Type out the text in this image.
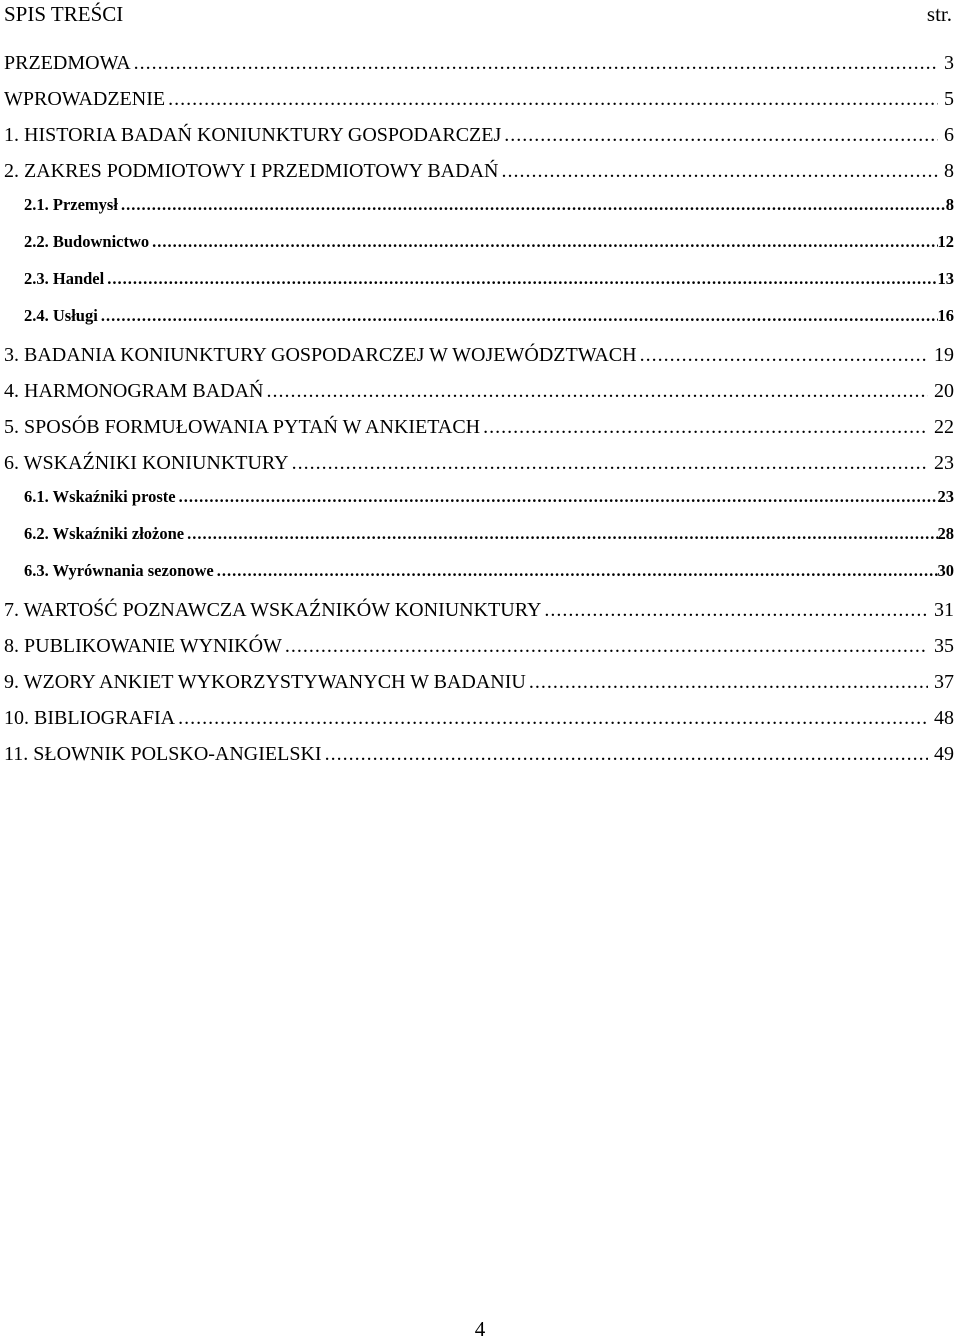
SPIS TREŚCI	str.
PRZEDMOWA .....	3
WPROWADZENIE .....	5
1. HISTORIA BADAŃ KONIUNKTURY GOSPODARCZEJ .....	6
2. ZAKRES PODMIOTOWY I PRZEDMIOTOWY BADAŃ .....	8
2.1. Przemysł .....	8
2.2. Budownictwo .....	12
2.3. Handel .....	13
2.4. Usługi .....	16
3. BADANIA KONIUNKTURY GOSPODARCZEJ W WOJEWÓDZTWACH .....	19
4. HARMONOGRAM BADAŃ .....	20
5. SPOSÓB FORMUŁOWANIA PYTAŃ W ANKIETACH .....	22
6. WSKAŹNIKI KONIUNKTURY .....	23
6.1. Wskaźniki proste .....	23
6.2. Wskaźniki złożone .....	28
6.3. Wyrównania sezonowe .....	30
7. WARTOŚĆ POZNAWCZA WSKAŹNIKÓW KONIUNKTURY .....	31
8. PUBLIKOWANIE WYNIKÓW .....	35
9. WZORY ANKIET WYKORZYSTYWANYCH W BADANIU .....	37
10. BIBLIOGRAFIA .....	48
11. SŁOWNIK POLSKO-ANGIELSKI .....	49
4
